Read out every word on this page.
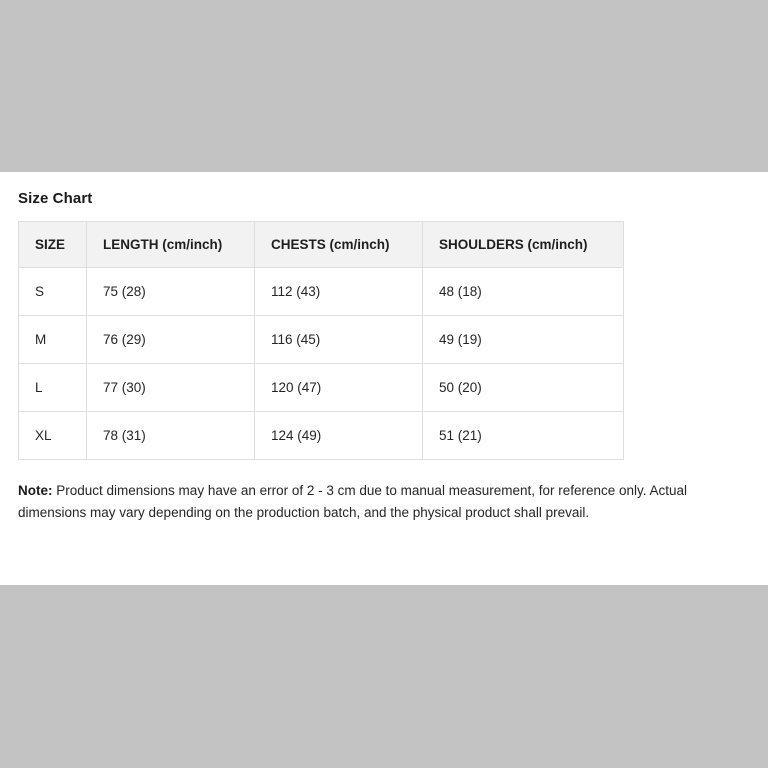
Size Chart
SIZE	LENGTH (cm/inch)	CHESTS (cm/inch)	SHOULDERS (cm/inch)
S	75 (28)	112 (43)	48 (18)
M	76 (29)	116 (45)	49 (19)
L	77 (30)	120 (47)	50 (20)
XL	78 (31)	124 (49)	51 (21)
Note: Product dimensions may have an error of 2 - 3 cm due to manual measurement, for reference only. Actual dimensions may vary depending on the production batch, and the physical product shall prevail.
